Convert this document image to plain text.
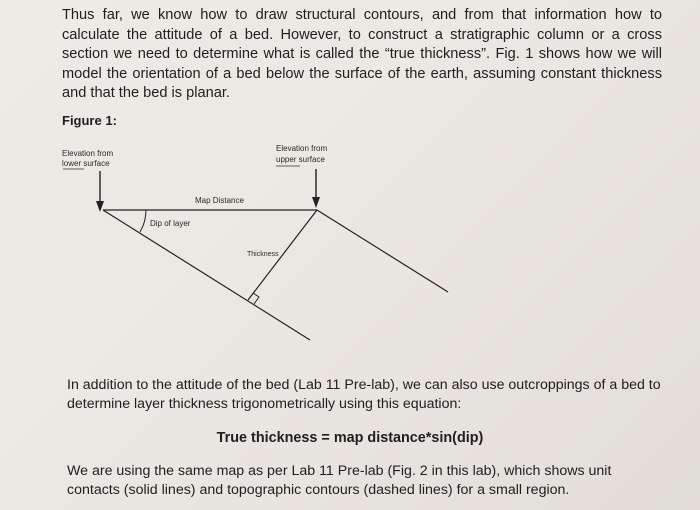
Thus far, we know how to draw structural contours, and from that information how to calculate the attitude of a bed. However, to construct a stratigraphic column or a cross section we need to determine what is called the “true thickness”. Fig. 1 shows how we will model the orientation of a bed below the surface of the earth, assuming constant thickness and that the bed is planar.

Figure 1:

Elevation from
lower surface
Elevation from
upper surface
Map Distance
Dip of layer
Thickness

In addition to the attitude of the bed (Lab 11 Pre-lab), we can also use outcroppings of a bed to determine layer thickness trigonometrically using this equation:

True thickness = map distance*sin(dip)

We are using the same map as per Lab 11 Pre-lab (Fig. 2 in this lab), which shows unit contacts (solid lines) and topographic contours (dashed lines) for a small region.
